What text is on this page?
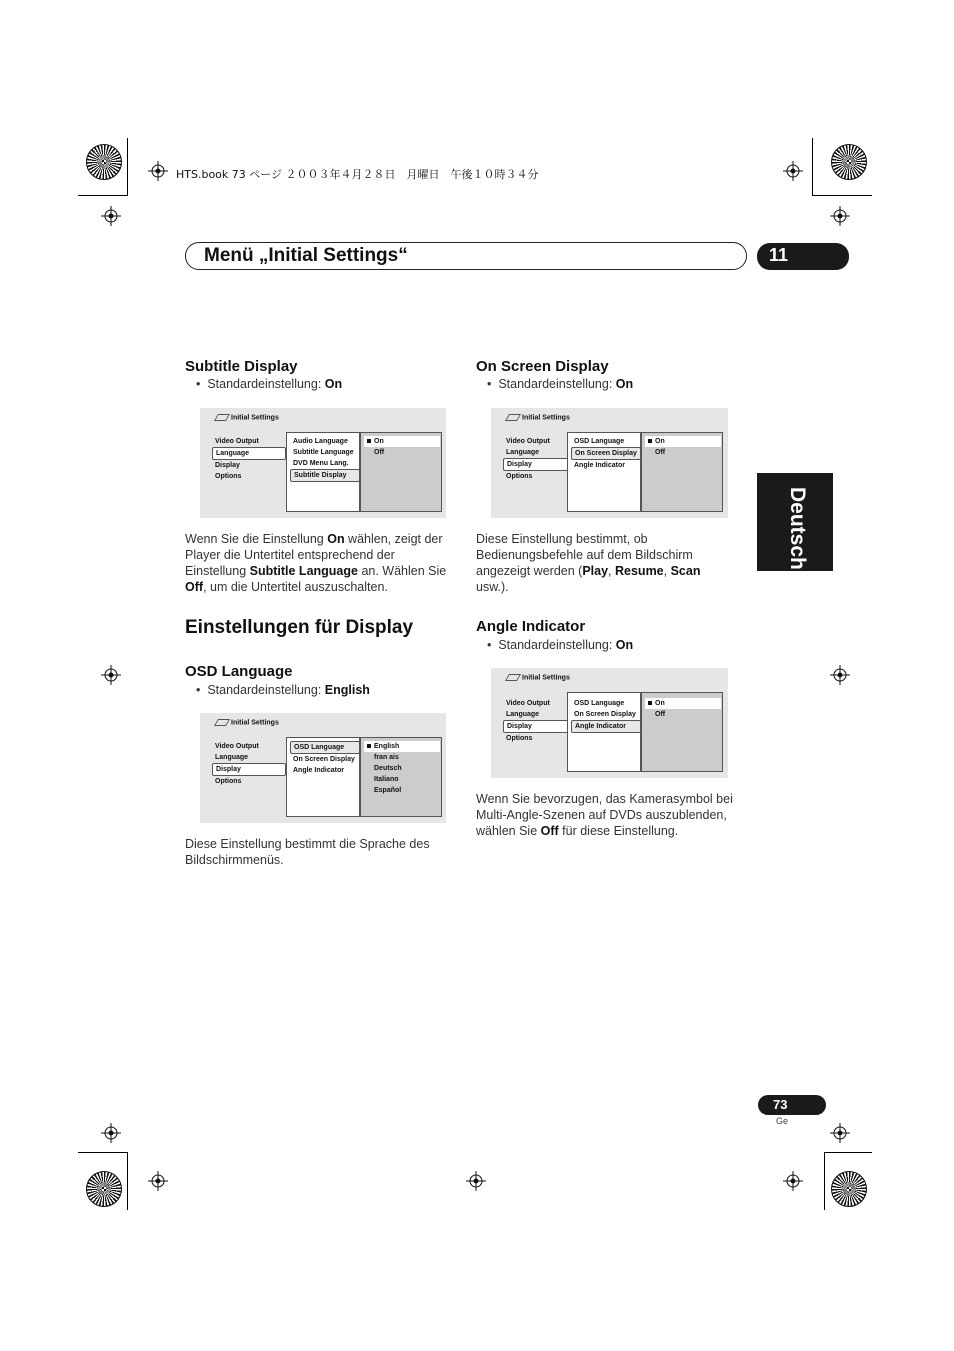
HTS.book 73 ページ ２００３年４月２８日　月曜日　午後１０時３４分
Menü „Initial Settings“	11
Deutsch
Subtitle Display
•  Standardeinstellung: On
Initial Settings
Video Output
Language
Display
Options
Audio Language
Subtitle Language
DVD Menu Lang.
Subtitle Display
On
Off
Wenn Sie die Einstellung On wählen, zeigt der Player die Untertitel entsprechend der Einstellung Subtitle Language an. Wählen Sie Off, um die Untertitel auszuschalten.
Einstellungen für Display
OSD Language
•  Standardeinstellung: English
Initial Settings
Video Output
Language
Display
Options
OSD Language
On Screen Display
Angle Indicator
English
fran ais
Deutsch
Italiano
Español
Diese Einstellung bestimmt die Sprache des Bildschirmmenüs.
On Screen Display
•  Standardeinstellung: On
Initial Settings
Video Output
Language
Display
Options
OSD Language
On Screen Display
Angle Indicator
On
Off
Diese Einstellung bestimmt, ob Bedienungsbefehle auf dem Bildschirm angezeigt werden (Play, Resume, Scan usw.).
Angle Indicator
•  Standardeinstellung: On
Initial Settings
Video Output
Language
Display
Options
OSD Language
On Screen Display
Angle Indicator
On
Off
Wenn Sie bevorzugen, das Kamerasymbol bei Multi-Angle-Szenen auf DVDs auszublenden, wählen Sie Off für diese Einstellung.
73
Ge
